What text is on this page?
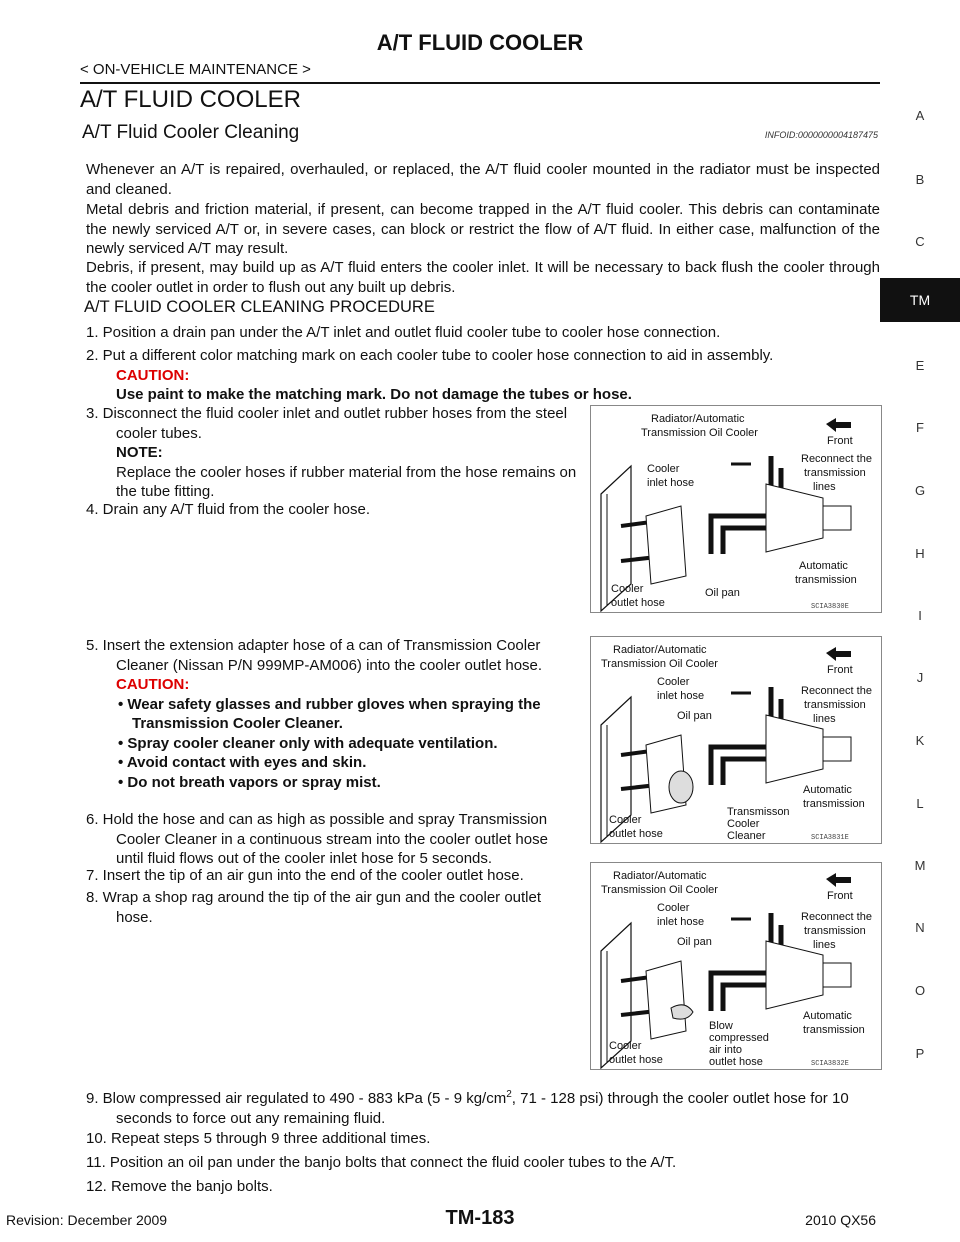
A/T FLUID COOLER
< ON-VEHICLE MAINTENANCE >
A/T FLUID COOLER
A/T Fluid Cooler Cleaning	INFOID:0000000004187475
Whenever an A/T is repaired, overhauled, or replaced, the A/T fluid cooler mounted in the radiator must be inspected and cleaned.
Metal debris and friction material, if present, can become trapped in the A/T fluid cooler. This debris can contaminate the newly serviced A/T or, in severe cases, can block or restrict the flow of A/T fluid. In either case, malfunction of the newly serviced A/T may result.
Debris, if present, may build up as A/T fluid enters the cooler inlet. It will be necessary to back flush the cooler through the cooler outlet in order to flush out any built up debris.
A/T FLUID COOLER CLEANING PROCEDURE
1. Position a drain pan under the A/T inlet and outlet fluid cooler tube to cooler hose connection.
2. Put a different color matching mark on each cooler tube to cooler hose connection to aid in assembly.
CAUTION:
Use paint to make the matching mark. Do not damage the tubes or hose.
3. Disconnect the fluid cooler inlet and outlet rubber hoses from the steel cooler tubes.
NOTE:
Replace the cooler hoses if rubber material from the hose remains on the tube fitting.
4. Drain any A/T fluid from the cooler hose.
5. Insert the extension adapter hose of a can of Transmission Cooler Cleaner (Nissan P/N 999MP-AM006) into the cooler outlet hose.
CAUTION:
• Wear safety glasses and rubber gloves when spraying the Transmission Cooler Cleaner.
• Spray cooler cleaner only with adequate ventilation.
• Avoid contact with eyes and skin.
• Do not breath vapors or spray mist.
6. Hold the hose and can as high as possible and spray Transmission Cooler Cleaner in a continuous stream into the cooler outlet hose until fluid flows out of the cooler inlet hose for 5 seconds.
7. Insert the tip of an air gun into the end of the cooler outlet hose.
8. Wrap a shop rag around the tip of the air gun and the cooler outlet hose.
9. Blow compressed air regulated to 490 - 883 kPa (5 - 9 $kg/cm^2$, 71 - 128 psi) through the cooler outlet hose for 10 seconds to force out any remaining fluid.
10. Repeat steps 5 through 9 three additional times.
11. Position an oil pan under the banjo bolts that connect the fluid cooler tubes to the A/T.
12. Remove the banjo bolts.
Radiator/Automatic
Transmission Oil Cooler
Front
Reconnect the
transmission
lines
Cooler
inlet hose
Automatic
transmission
Cooler
outlet hose
Oil pan
SCIA3830E
Radiator/Automatic
Transmission Oil Cooler	Front
Reconnect the
transmission
lines
Cooler
inlet hose
Oil pan
Automatic
transmission
Cooler
outlet hose
Transmisson
Cooler
Cleaner	SCIA3831E
Radiator/Automatic
Transmission Oil Cooler	Front
Reconnect the
transmission
lines
Cooler
inlet hose
Oil pan
Automatic
transmission
Cooler
outlet hose
Blow
compressed
air into
outlet hose	SCIA3832E
A
B
C
TM
E
F
G
H
I
J
K
L
M
N
O
P
Revision: December 2009	TM-183	2010 QX56
